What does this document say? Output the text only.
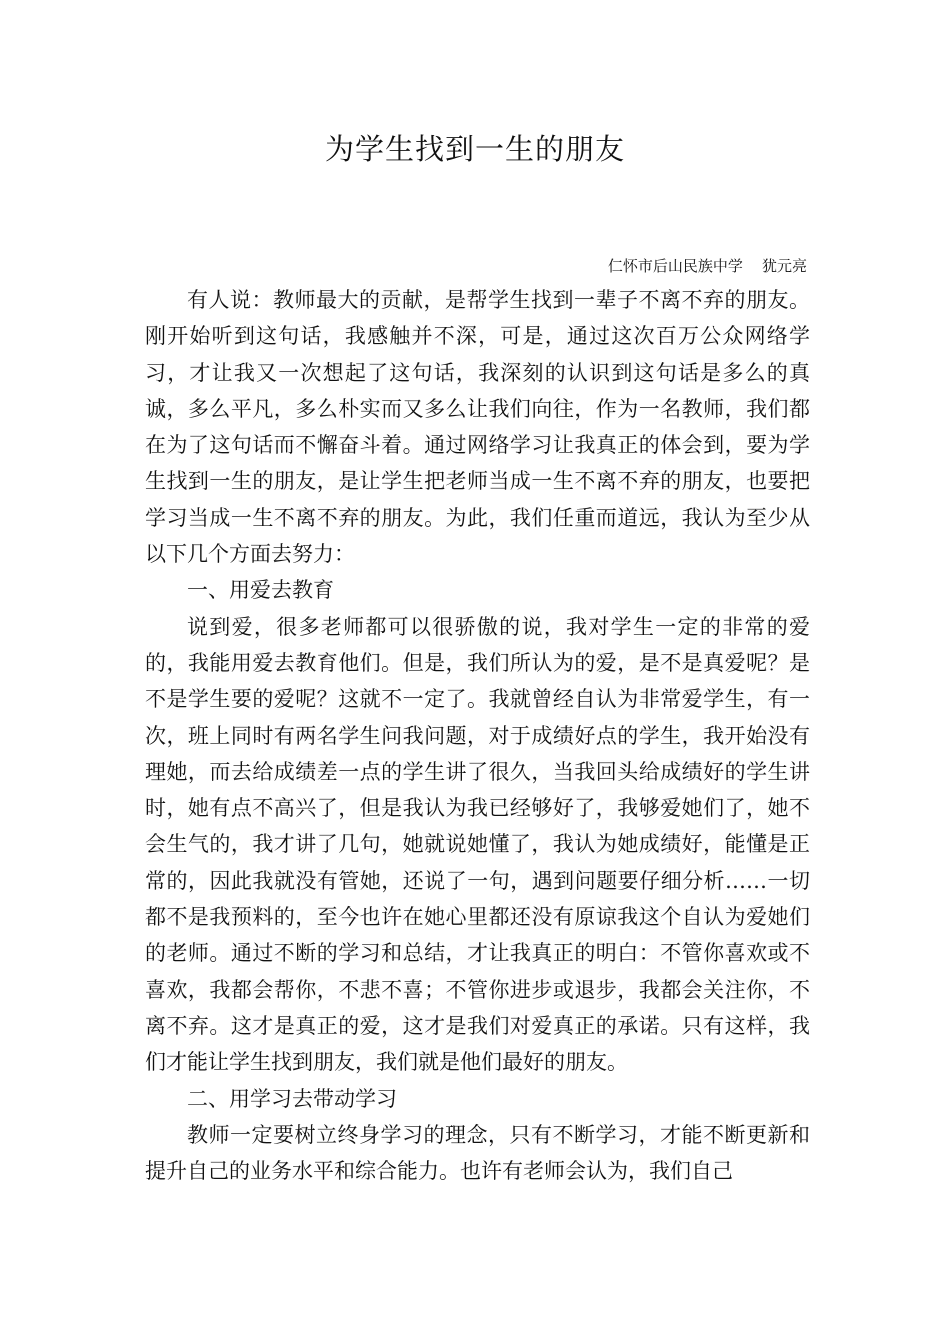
为学生找到一生的朋友
仁怀市后山民族中学    犹元亮

有人说：教师最大的贡献，是帮学生找到一辈子不离不弃的朋友。刚开始听到这句话，我感触并不深，可是，通过这次百万公众网络学习，才让我又一次想起了这句话，我深刻的认识到这句话是多么的真诚，多么平凡，多么朴实而又多么让我们向往，作为一名教师，我们都在为了这句话而不懈奋斗着。通过网络学习让我真正的体会到，要为学生找到一生的朋友，是让学生把老师当成一生不离不弃的朋友，也要把学习当成一生不离不弃的朋友。为此，我们任重而道远，我认为至少从以下几个方面去努力：

一、用爱去教育

说到爱，很多老师都可以很骄傲的说，我对学生一定的非常的爱的，我能用爱去教育他们。但是，我们所认为的爱，是不是真爱呢？是不是学生要的爱呢？这就不一定了。我就曾经自认为非常爱学生，有一次，班上同时有两名学生问我问题，对于成绩好点的学生，我开始没有理她，而去给成绩差一点的学生讲了很久，当我回头给成绩好的学生讲时，她有点不高兴了，但是我认为我已经够好了，我够爱她们了，她不会生气的，我才讲了几句，她就说她懂了，我认为她成绩好，能懂是正常的，因此我就没有管她，还说了一句，遇到问题要仔细分析……一切都不是我预料的，至今也许在她心里都还没有原谅我这个自认为爱她们的老师。通过不断的学习和总结，才让我真正的明白：不管你喜欢或不喜欢，我都会帮你，不悲不喜；不管你进步或退步，我都会关注你，不离不弃。这才是真正的爱，这才是我们对爱真正的承诺。只有这样，我们才能让学生找到朋友，我们就是他们最好的朋友。

二、用学习去带动学习

教师一定要树立终身学习的理念，只有不断学习，才能不断更新和提升自己的业务水平和综合能力。也许有老师会认为，我们自己
